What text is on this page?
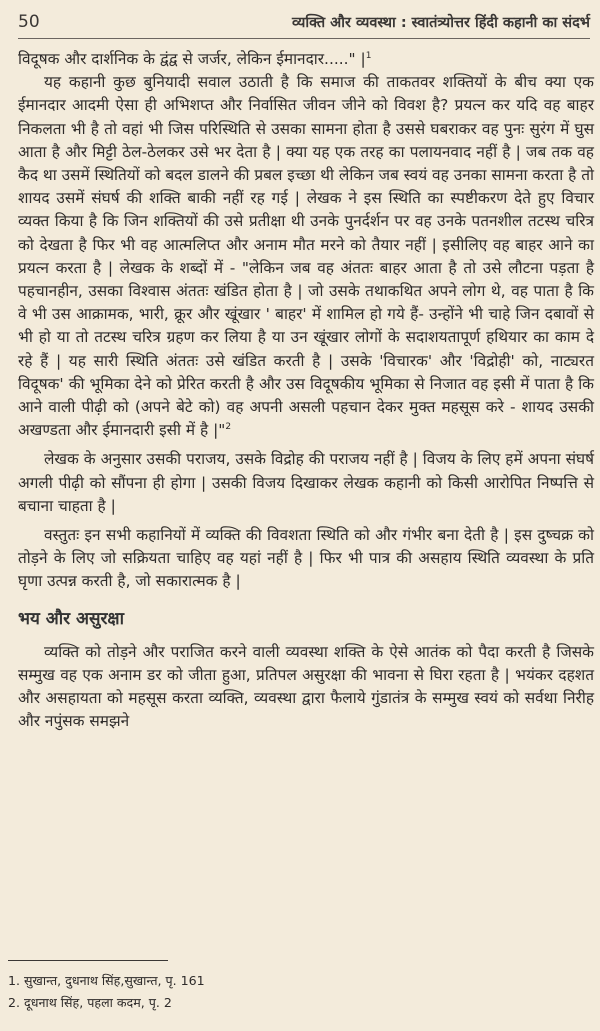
50	व्यक्ति और व्यवस्था : स्वातंत्र्योत्तर हिंदी कहानी का संदर्भ

विदूषक और दार्शनिक के द्वंद्व से जर्जर, लेकिन ईमानदार....." $|^1$

यह कहानी कुछ बुनियादी सवाल उठाती है कि समाज की ताकतवर शक्तियों के बीच क्या एक ईमानदार आदमी ऐसा ही अभिशप्त और निर्वासित जीवन जीने को विवश है? प्रयत्न कर यदि वह बाहर निकलता भी है तो वहां भी जिस परिस्थिति से उसका सामना होता है उससे घबराकर वह पुनः सुरंग में घुस आता है और मिट्टी ठेल-ठेलकर उसे भर देता है | क्या यह एक तरह का पलायनवाद नहीं है | जब तक वह कैद था उसमें स्थितियों को बदल डालने की प्रबल इच्छा थी लेकिन जब स्वयं वह उनका सामना करता है तो शायद उसमें संघर्ष की शक्ति बाकी नहीं रह गई | लेखक ने इस स्थिति का स्पष्टीकरण देते हुए विचार व्यक्त किया है कि जिन शक्तियों की उसे प्रतीक्षा थी उनके पुनर्दर्शन पर वह उनके पतनशील तटस्थ चरित्र को देखता है फिर भी वह आत्मलिप्त और अनाम मौत मरने को तैयार नहीं | इसीलिए वह बाहर आने का प्रयत्न करता है | लेखक के शब्दों में - "लेकिन जब वह अंततः बाहर आता है तो उसे लौटना पड़ता है पहचानहीन, उसका विश्वास अंततः खंडित होता है | जो उसके तथाकथित अपने लोग थे, वह पाता है कि वे भी उस आक्रामक, भारी, क्रूर और खूंखार ' बाहर' में शामिल हो गये हैं- उन्होंने भी चाहे जिन दबावों से भी हो या तो तटस्थ चरित्र ग्रहण कर लिया है या उन खूंखार लोगों के सदाशयतापूर्ण हथियार का काम दे रहे हैं | यह सारी स्थिति अंततः उसे खंडित करती है | उसके 'विचारक' और 'विद्रोही' को, नाट्यरत विदूषक' की भूमिका देने को प्रेरित करती है और उस विदूषकीय भूमिका से निजात वह इसी में पाता है कि आने वाली पीढ़ी को (अपने बेटे को) वह अपनी असली पहचान देकर मुक्त महसूस करे - शायद उसकी अखण्डता और ईमानदारी इसी में है |"$^2$

लेखक के अनुसार उसकी पराजय, उसके विद्रोह की पराजय नहीं है | विजय के लिए हमें अपना संघर्ष अगली पीढ़ी को सौंपना ही होगा | उसकी विजय दिखाकर लेखक कहानी को किसी आरोपित निष्पत्ति से बचाना चाहता है |

वस्तुतः इन सभी कहानियों में व्यक्ति की विवशता स्थिति को और गंभीर बना देती है | इस दुष्चक्र को तोड़ने के लिए जो सक्रियता चाहिए वह यहां नहीं है | फिर भी पात्र की असहाय स्थिति व्यवस्था के प्रति घृणा उत्पन्न करती है, जो सकारात्मक है |

भय और असुरक्षा

व्यक्ति को तोड़ने और पराजित करने वाली व्यवस्था शक्ति के ऐसे आतंक को पैदा करती है जिसके सम्मुख वह एक अनाम डर को जीता हुआ, प्रतिपल असुरक्षा की भावना से घिरा रहता है | भयंकर दहशत और असहायता को महसूस करता व्यक्ति, व्यवस्था द्वारा फैलाये गुंडातंत्र के सम्मुख स्वयं को सर्वथा निरीह और नपुंसक समझने

1. सुखान्त, दुधनाथ सिंह,सुखान्त, पृ. 161

2. दूधनाथ सिंह, पहला कदम, पृ. 2
